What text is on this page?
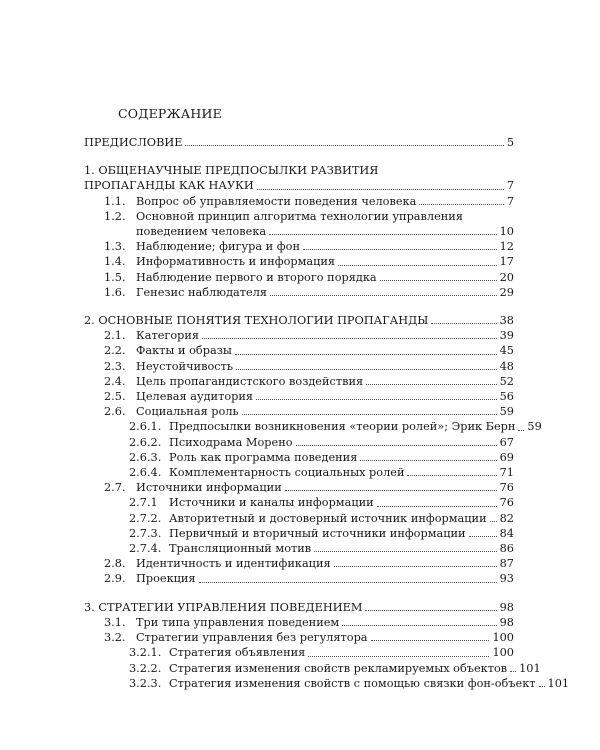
СОДЕРЖАНИЕ
ПРЕДИСЛОВИЕ	5
1. ОБЩЕНАУЧНЫЕ ПРЕДПОСЫЛКИ РАЗВИТИЯ
ПРОПАГАНДЫ КАК НАУКИ	7
1.1. Вопрос об управляемости поведения человека	7
1.2. Основной принцип алгоритма технологии управления
поведением человека	10
1.3. Наблюдение; фигура и фон	12
1.4. Информативность и информация	17
1.5. Наблюдение первого и второго порядка	20
1.6. Генезис наблюдателя	29
2. ОСНОВНЫЕ ПОНЯТИЯ ТЕХНОЛОГИИ ПРОПАГАНДЫ	38
2.1. Категория	39
2.2. Факты и образы	45
2.3. Неустойчивость	48
2.4. Цель пропагандистского воздействия	52
2.5. Целевая аудитория	56
2.6. Социальная роль	59
2.6.1. Предпосылки возникновения «теории ролей»; Эрик Берн 59
2.6.2. Психодрама Морено	67
2.6.3. Роль как программа поведения	69
2.6.4. Комплементарность социальных ролей	71
2.7. Источники информации	76
2.7.1 Источники и каналы информации	76
2.7.2. Авторитетный и достоверный источник информации 82
2.7.3. Первичный и вторичный источники информации	84
2.7.4. Трансляционный мотив	86
2.8. Идентичность и идентификация	87
2.9. Проекция	93
3. СТРАТЕГИИ УПРАВЛЕНИЯ ПОВЕДЕНИЕМ	98
3.1. Три типа управления поведением	98
3.2. Стратегии управления без регулятора	100
3.2.1. Стратегия объявления	100
3.2.2. Стратегия изменения свойств рекламируемых объектов 101
3.2.3. Стратегия изменения свойств с помощью связки фон-объект 101
